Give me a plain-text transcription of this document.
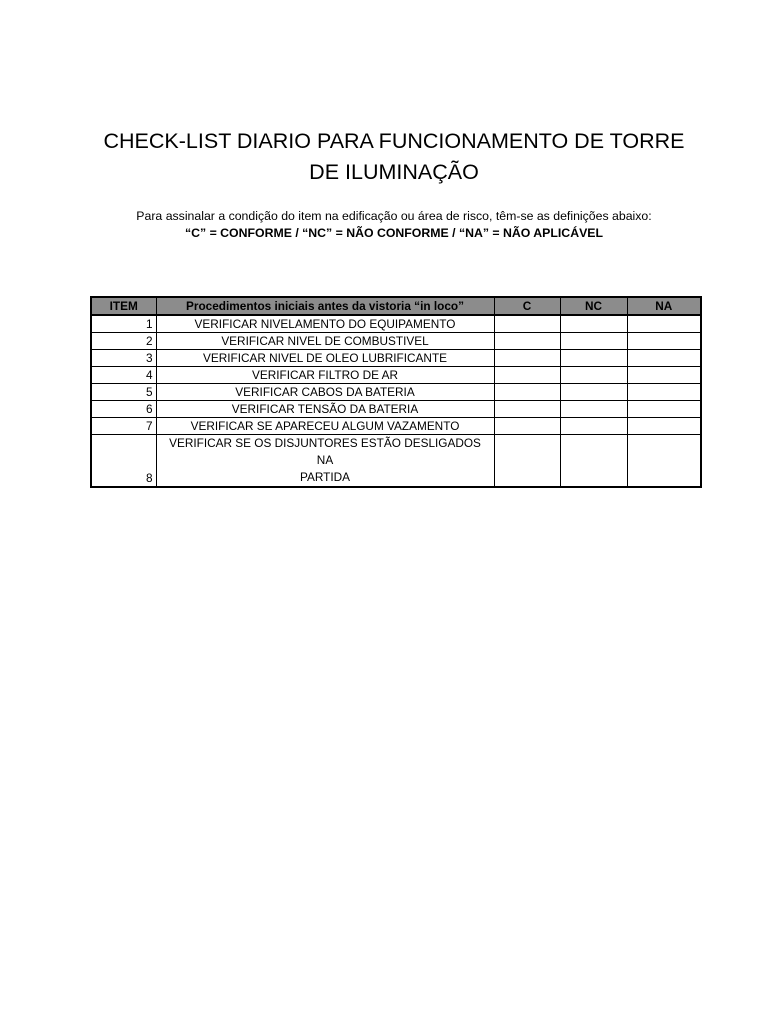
CHECK-LIST DIARIO PARA FUNCIONAMENTO DE TORRE
DE ILUMINAÇÃO
Para assinalar a condição do item na edificação ou área de risco, têm-se as definições abaixo:
“C” = CONFORME / “NC” = NÃO CONFORME / “NA” = NÃO APLICÁVEL
ITEM	Procedimentos iniciais antes da vistoria “in loco”	C	NC	NA
1	VERIFICAR NIVELAMENTO DO EQUIPAMENTO			
2	VERIFICAR NIVEL DE COMBUSTIVEL			
3	VERIFICAR NIVEL DE OLEO LUBRIFICANTE			
4	VERIFICAR FILTRO DE AR			
5	VERIFICAR CABOS DA BATERIA			
6	VERIFICAR TENSÃO DA BATERIA			
7	VERIFICAR SE APARECEU ALGUM VAZAMENTO			
8	VERIFICAR SE OS DISJUNTORES ESTÃO DESLIGADOS NA
PARTIDA			
